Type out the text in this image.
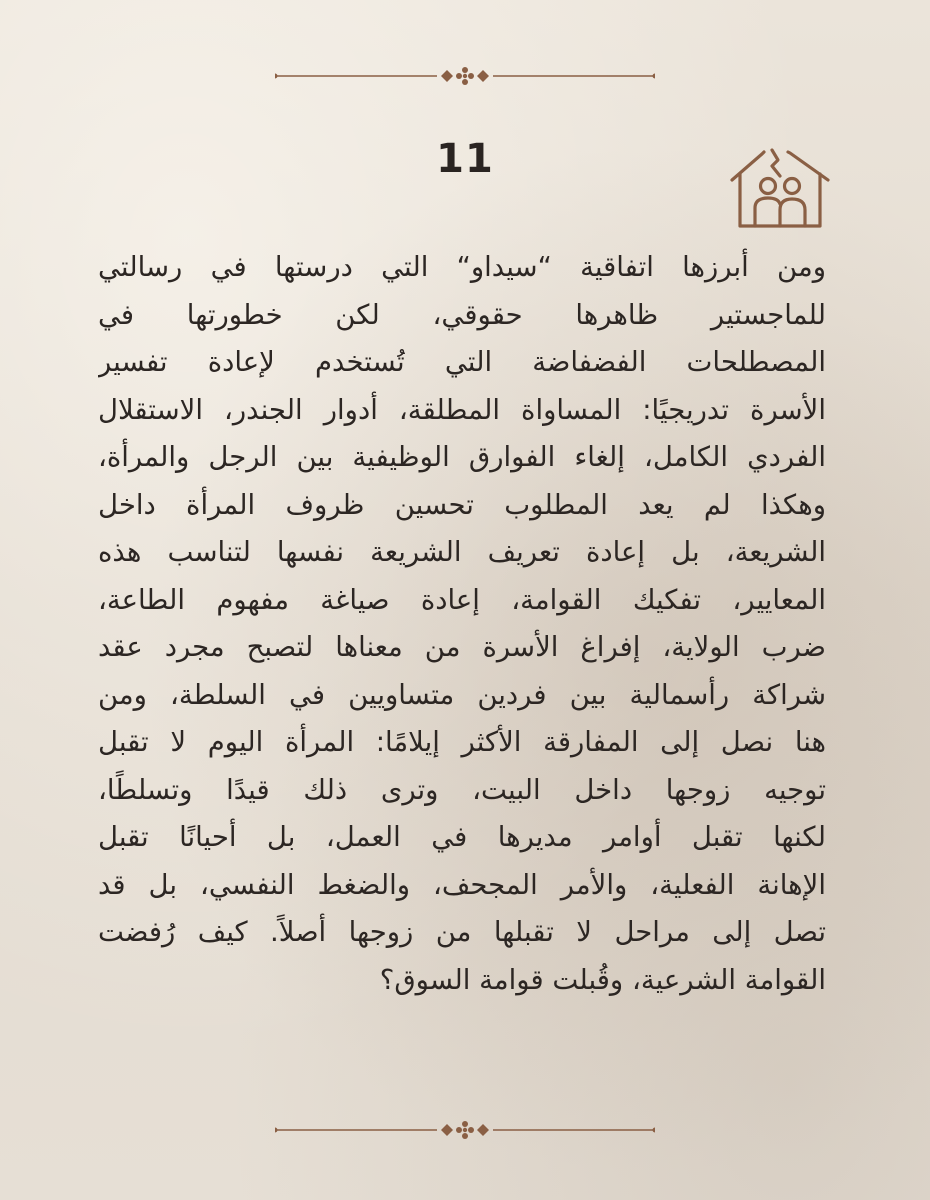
11
ومن أبرزها اتفاقية “سيداو“ التي درستها في رسالتي
للماجستير ظاهرها حقوقي، لكن خطورتها في
المصطلحات الفضفاضة التي تُستخدم لإعادة تفسير
الأسرة تدريجيًا: المساواة المطلقة، أدوار الجندر، الاستقلال
الفردي الكامل، إلغاء الفوارق الوظيفية بين الرجل والمرأة،
وهكذا لم يعد المطلوب تحسين ظروف المرأة داخل
الشريعة، بل إعادة تعريف الشريعة نفسها لتناسب هذه
المعايير، تفكيك القوامة، إعادة صياغة مفهوم الطاعة،
ضرب الولاية، إفراغ الأسرة من معناها لتصبح مجرد عقد
شراكة رأسمالية بين فردين متساويين في السلطة، ومن
هنا نصل إلى المفارقة الأكثر إيلامًا: المرأة اليوم لا تقبل
توجيه زوجها داخل البيت، وترى ذلك قيدًا وتسلطًا،
لكنها تقبل أوامر مديرها في العمل، بل أحيانًا تقبل
الإهانة الفعلية، والأمر المجحف، والضغط النفسي، بل قد
تصل إلى مراحل لا تقبلها من زوجها أصلاً. كيف رُفضت
القوامة الشرعية، وقُبلت قوامة السوق؟
